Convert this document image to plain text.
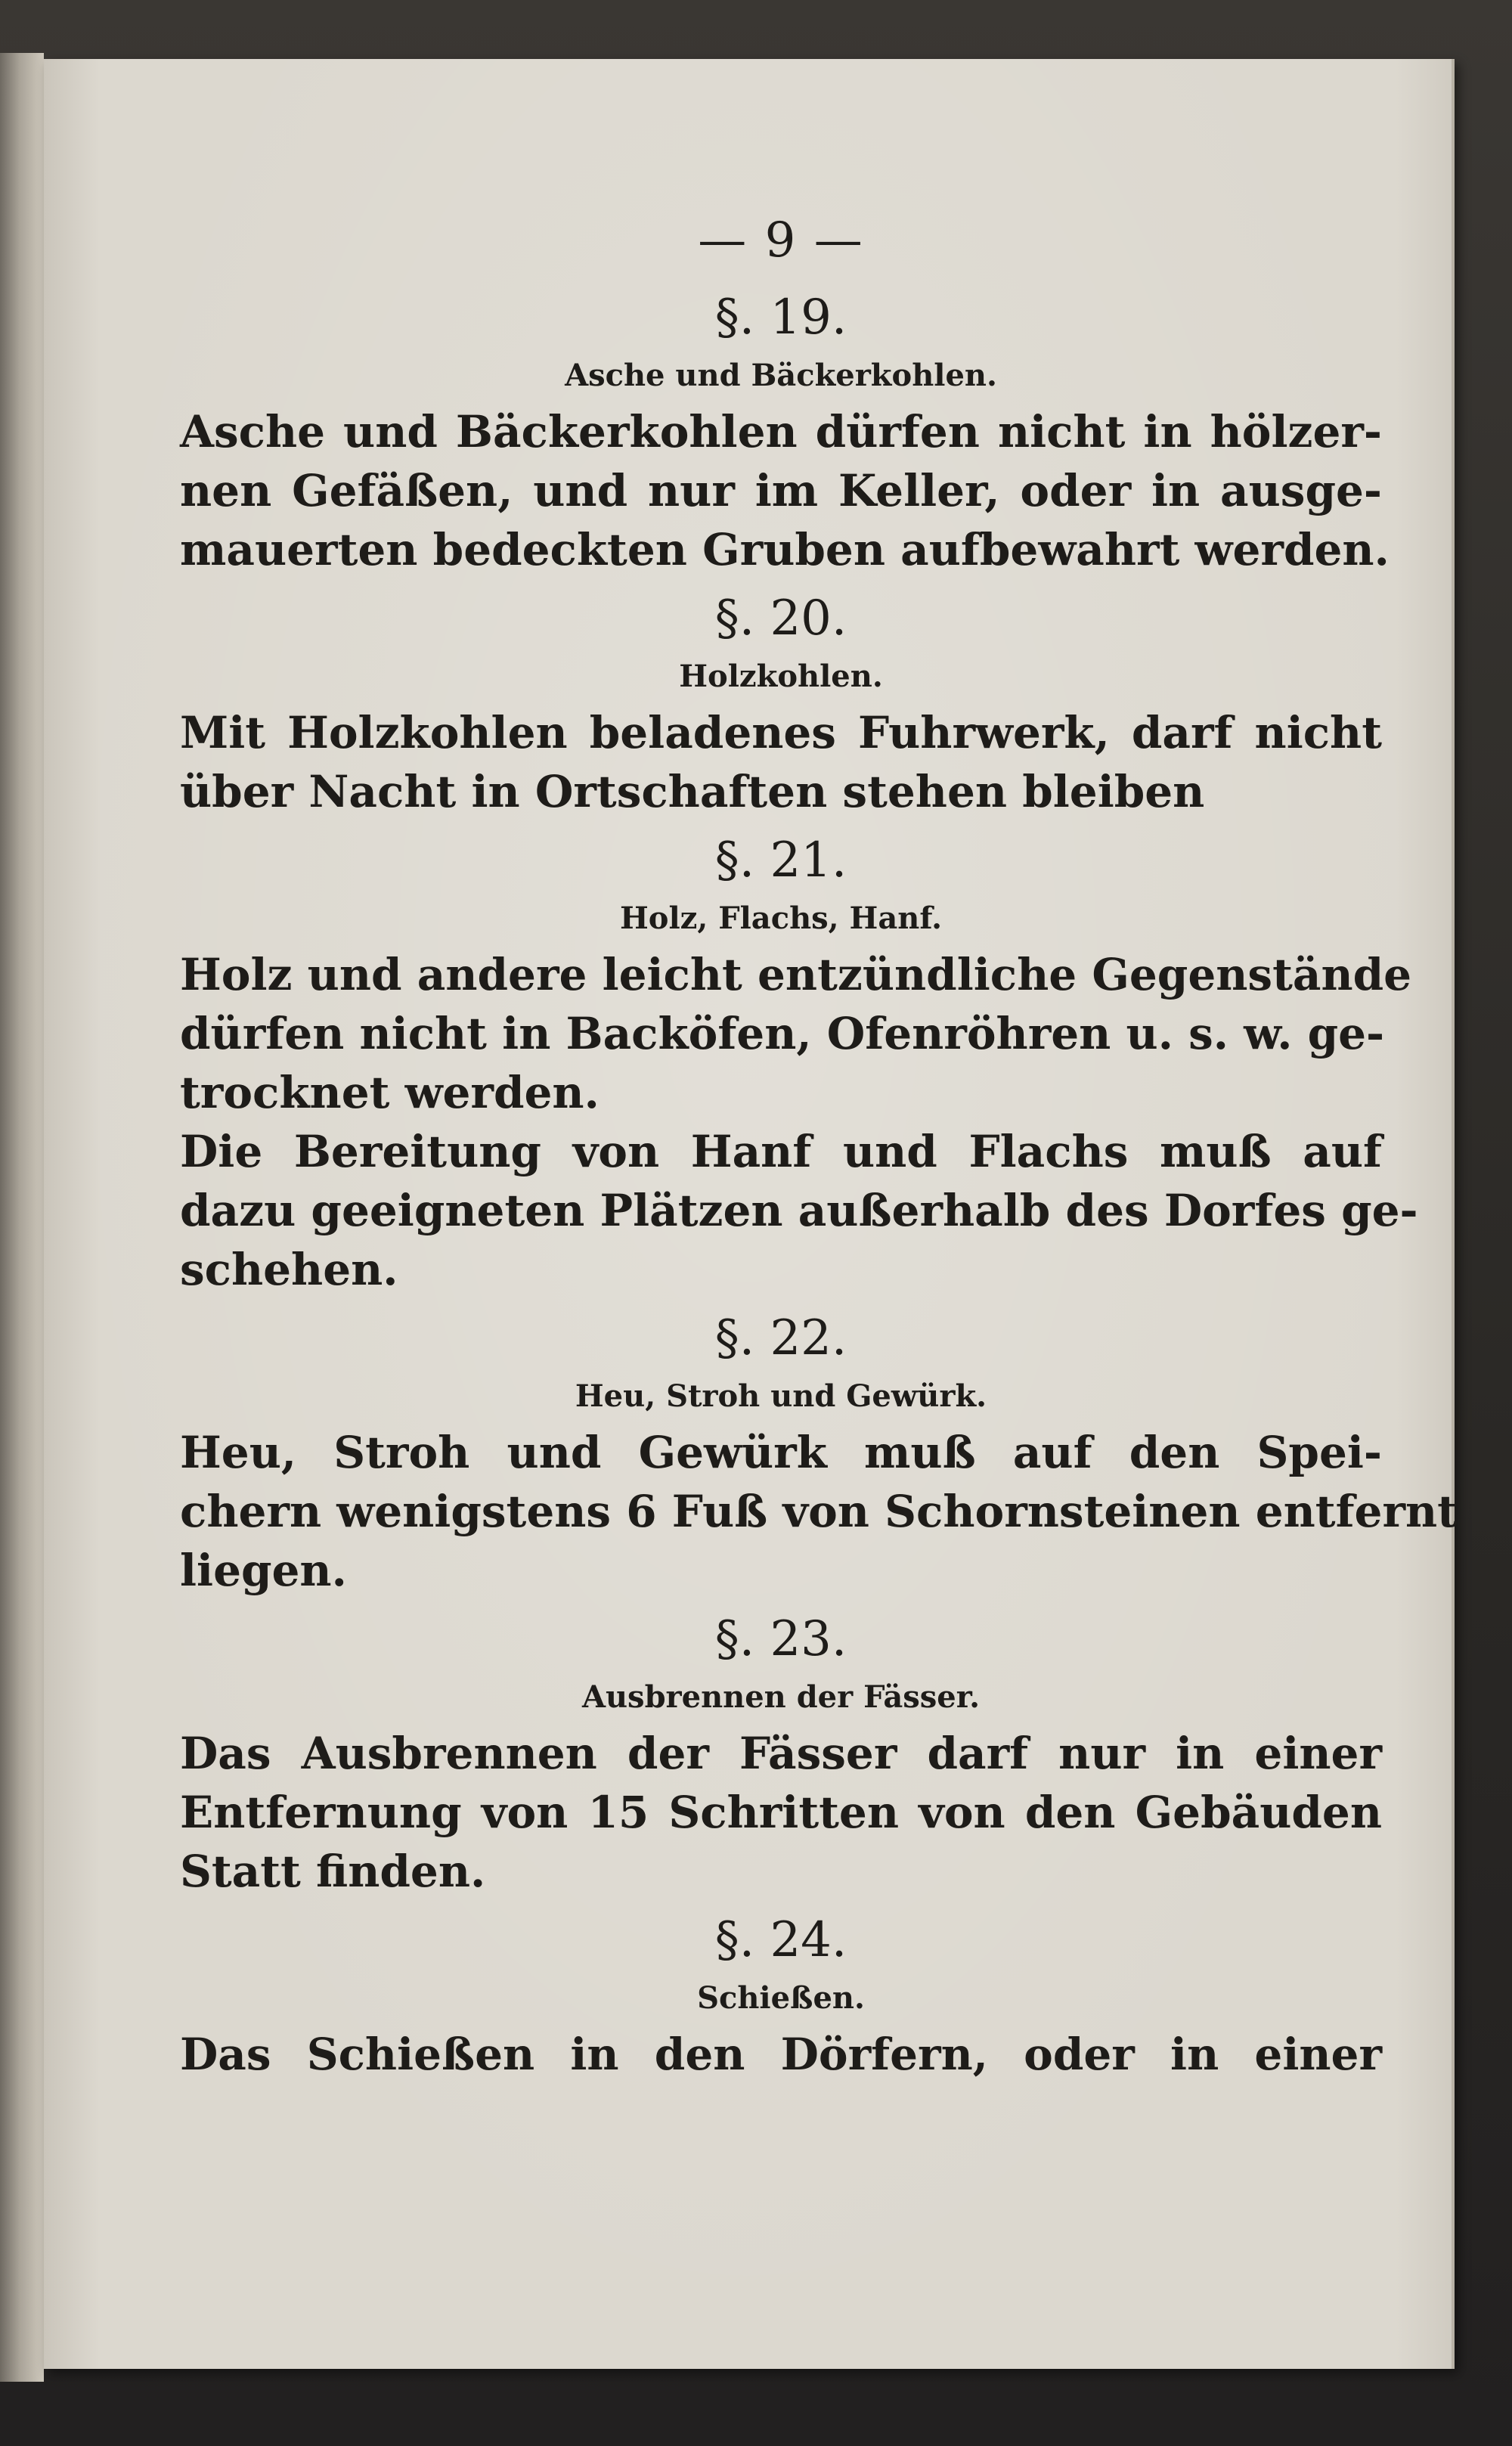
— 9 —
§. 19.
Asche und Bäckerkohlen.

Asche und Bäckerkohlen dürfen nicht in hölzer-
nen Gefäßen, und nur im Keller, oder in ausge-
mauerten bedeckten Gruben aufbewahrt werden.

§. 20.
Holzkohlen.

Mit Holzkohlen beladenes Fuhrwerk, darf nicht
über Nacht in Ortschaften stehen bleiben

§. 21.
Holz, Flachs, Hanf.

Holz und andere leicht entzündliche Gegenstände
dürfen nicht in Backöfen, Ofenröhren u. s. w. ge-
trocknet werden.

Die Bereitung von Hanf und Flachs muß auf
dazu geeigneten Plätzen außerhalb des Dorfes ge-
schehen.

§. 22.
Heu, Stroh und Gewürk.

Heu, Stroh und Gewürk muß auf den Spei-
chern wenigstens 6 Fuß von Schornsteinen entfernt
liegen.

§. 23.
Ausbrennen der Fässer.

Das Ausbrennen der Fässer darf nur in einer
Entfernung von 15 Schritten von den Gebäuden
Statt finden.

§. 24.
Schießen.

Das Schießen in den Dörfern, oder in einer
